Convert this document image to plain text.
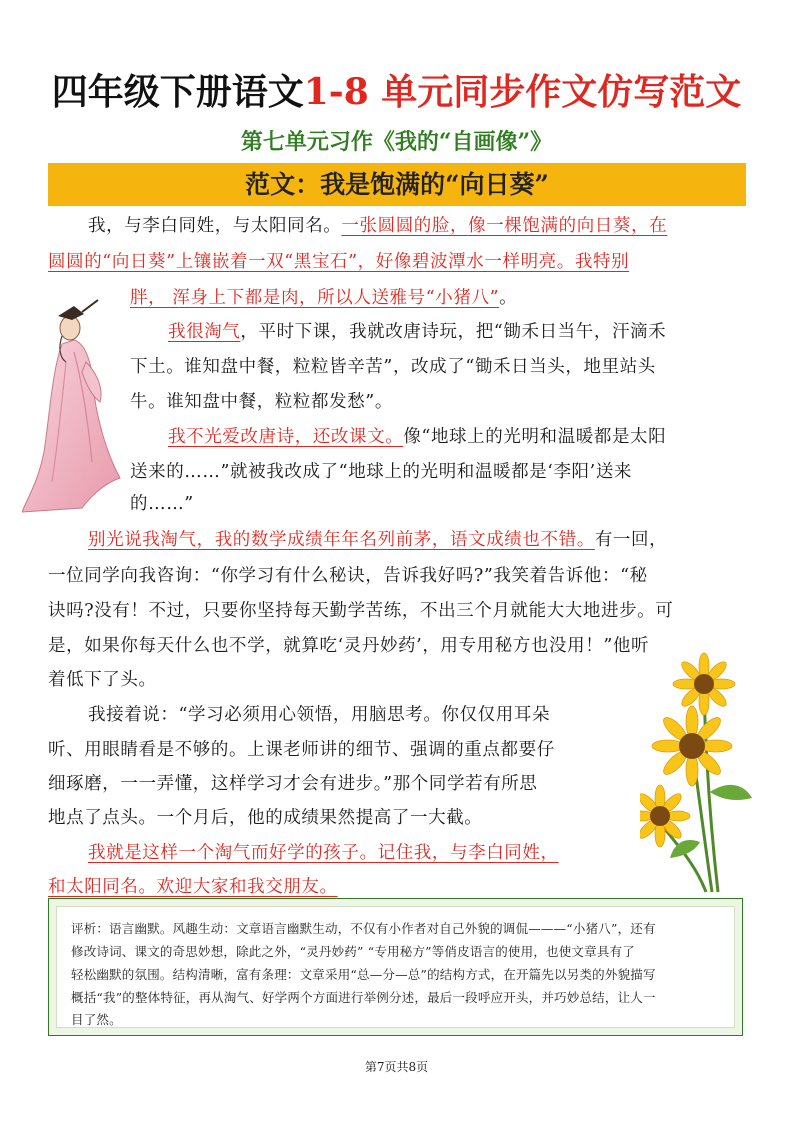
四年级下册语文1-8 单元同步作文仿写范文
第七单元习作《我的“自画像”》
范文：我是饱满的“向日葵”
我，与李白同姓，与太阳同名。一张圆圆的脸，像一棵饱满的向日葵，在
圆圆的“向日葵”上镶嵌着一双“黑宝石”，好像碧波潭水一样明亮。我特别
胖， 浑身上下都是肉，所以人送雅号“小猪八”。
我很淘气，平时下课，我就改唐诗玩，把“锄禾日当午，汗滴禾
下土。谁知盘中餐，粒粒皆辛苦”，改成了“锄禾日当头，地里站头
牛。谁知盘中餐，粒粒都发愁”。
我不光爱改唐诗，还改课文。像“地球上的光明和温暖都是太阳
送来的……”就被我改成了“地球上的光明和温暖都是‘李阳’送来
的……”
别光说我淘气，我的数学成绩年年名列前茅，语文成绩也不错。有一回，
一位同学向我咨询：“你学习有什么秘诀，告诉我好吗?”我笑着告诉他：“秘
诀吗?没有！不过，只要你坚持每天勤学苦练，不出三个月就能大大地进步。可
是，如果你每天什么也不学，就算吃‘灵丹妙药’，用专用秘方也没用！”他听
着低下了头。
我接着说：“学习必须用心领悟，用脑思考。你仅仅用耳朵
听、用眼睛看是不够的。上课老师讲的细节、强调的重点都要仔
细琢磨，一一弄懂，这样学习才会有进步。”那个同学若有所思
地点了点头。一个月后，他的成绩果然提高了一大截。
我就是这样一个淘气而好学的孩子。记住我，与李白同姓，
和太阳同名。欢迎大家和我交朋友。
评析：语言幽默。风趣生动：文章语言幽默生动，不仅有小作者对自己外貌的调侃———“小猪八”，还有
修改诗词、课文的奇思妙想，除此之外，“灵丹妙药” “专用秘方”等俏皮语言的使用，也使文章具有了
轻松幽默的氛围。结构清晰，富有条理：文章采用“总—分—总”的结构方式，在开篇先以另类的外貌描写
概括“我”的整体特征，再从淘气、好学两个方面进行举例分述，最后一段呼应开头，并巧妙总结，让人一
目了然。
第7页共8页
